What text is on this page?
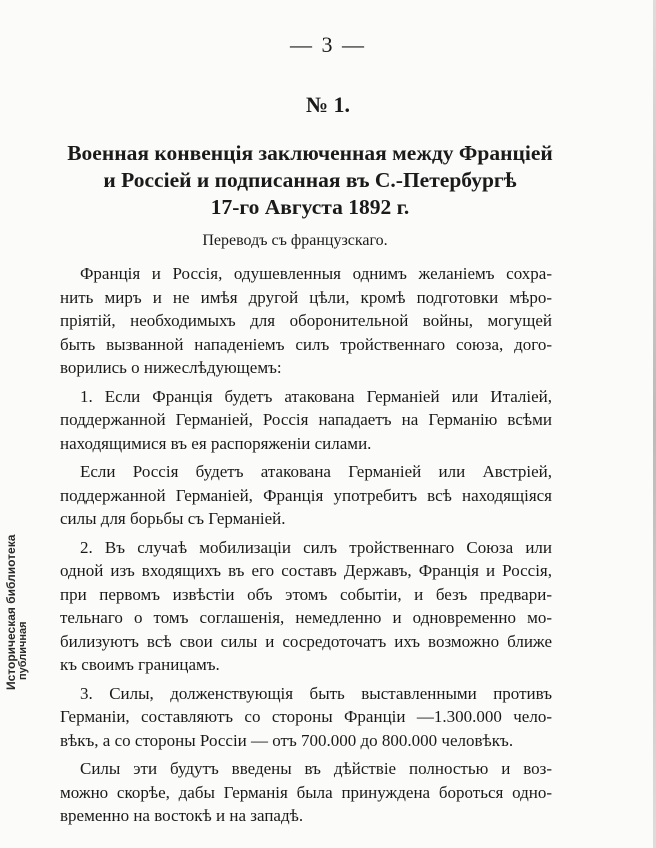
— 3 —
№ 1.
Военная конвенція заключенная между Франціей
и Россіей и подписанная въ С.-Петербургѣ
17-го Августа 1892 г.
Переводъ съ французскаго.
Франція и Россія, одушевленныя однимъ желаніемъ сохра-
нить миръ и не имѣя другой цѣли, кромѣ подготовки мѣро-
пріятій, необходимыхъ для оборонительной войны, могущей
быть вызванной нападеніемъ силъ тройственнаго союза, дого-
ворились о нижеслѣдующемъ:
1. Если Франція будетъ атакована Германіей или Италіей,
поддержанной Германіей, Россія нападаетъ на Германію всѣми
находящимися въ ея распоряженіи силами.
Если Россія будетъ атакована Германіей или Австріей,
поддержанной Германіей, Франція употребитъ всѣ находящіяся
силы для борьбы съ Германіей.
2. Въ случаѣ мобилизаціи силъ тройственнаго Союза или
одной изъ входящихъ въ его составъ Державъ, Франція и Россія,
при первомъ извѣстіи объ этомъ событіи, и безъ предвари-
тельнаго о томъ соглашенія, немедленно и одновременно мо-
билизуютъ всѣ свои силы и сосредоточатъ ихъ возможно ближе
къ своимъ границамъ.
3. Силы, долженствующія быть выставленными противъ
Германіи, составляютъ со стороны Франціи —1.300.000 чело-
вѣкъ, а со стороны Россіи — отъ 700.000 до 800.000 человѣкъ.
Силы эти будутъ введены въ дѣйствіе полностью и воз-
можно скорѣе, дабы Германія была принуждена бороться одно-
временно на востокѣ и на западѣ.
Историческая библиотека публичная
